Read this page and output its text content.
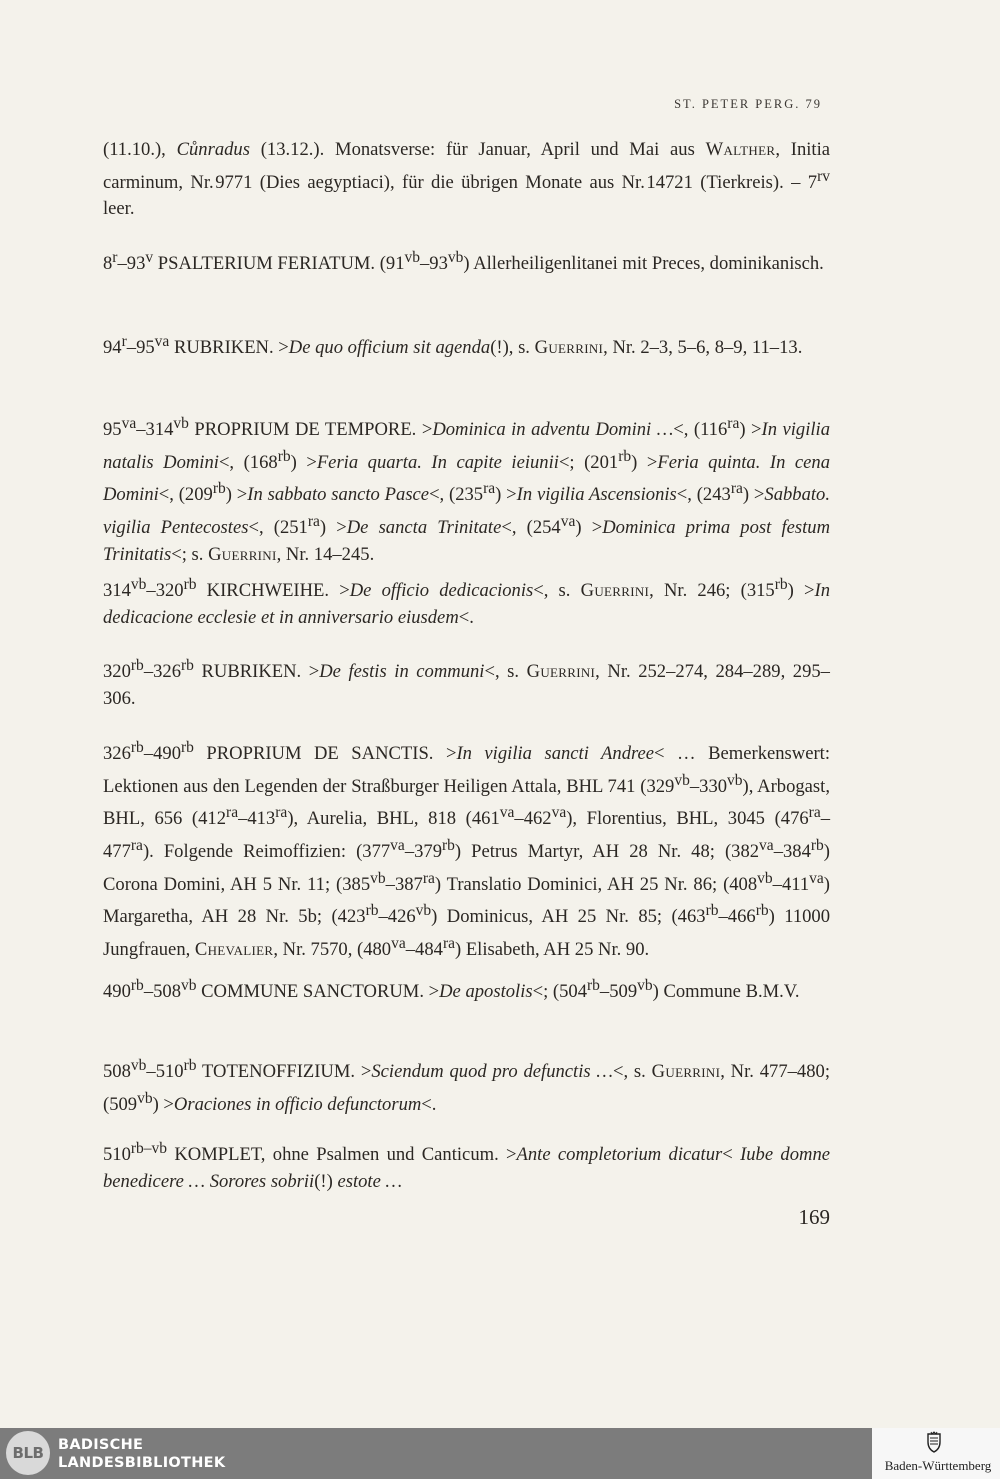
ST. PETER PERG. 79
(11.10.), Cůnradus (13.12.). Monatsverse: für Januar, April und Mai aus Walther, Initia carminum, Nr. 9771 (Dies aegyptiaci), für die übrigen Monate aus Nr. 14721 (Tierkreis). – $7^{rv}$ leer.
8$^r$–93$^v$ PSALTERIUM FERIATUM. $(91^{vb}-93^{vb})$ Allerheiligenlitanei mit Preces, dominikanisch.
$94^r-95^{va}$ RUBRIKEN. >De quo officium sit agenda(!), s. Guerrini, Nr. 2–3, 5–6, 8–9, 11–13.
$95^{va}-314^{vb}$ PROPRIUM DE TEMPORE. >Dominica in adventu Domini …<, $(116^{ra}) >In$ vigilia natalis Domini<, $(168^{rb})$ >Feria quarta. In capite ieiunii<; $(201^{rb})$ >Feria quinta. In cena Domini<, $(209^{rb}) >In$ sabbato sancto Pasce<, $(235^{ra}) >In$ vigilia Ascensionis<, $(243^{ra})$ >Sabbato. vigilia Pentecostes<, $(251^{ra}) >De$ sancta Trinitate<, $(254^{va})$ >Dominica prima post festum Trinitatis<; s. Guerrini, Nr. 14–245.
$314^{vb}-320^{rb}$ KIRCHWEIHE. >De officio dedicacionis<, s. Guerrini, Nr. 246; $(315^{rb}) >In$ dedicacione ecclesie et in anniversario eiusdem<.
$320^{rb}-326^{rb}$ RUBRIKEN. >De festis in communi<, s. Guerrini, Nr. 252–274, 284–289, 295–306.
$326^{rb}-490^{rb}$ PROPRIUM DE SANCTIS. >In vigilia sancti Andree< … Bemerkenswert: Lektionen aus den Legenden der Straßburger Heiligen Attala, BHL 741 $(329^{vb}-330^{vb})$, Arbogast, BHL, 656 $(412^{ra}-413^{ra})$, Aurelia, BHL, 818 $(461^{va}-462^{va})$, Florentius, BHL, 3045 $(476^{ra}-477^{ra})$. Folgende Reimoffizien: $(377^{va}-379^{rb})$ Petrus Martyr, AH 28 Nr. 48; $(382^{va}-384^{rb})$ Corona Domini, AH 5 Nr. 11; $(385^{vb}-387^{ra})$ Translatio Dominici, AH 25 Nr. 86; $(408^{vb}-411^{va})$ Margaretha, AH 28 Nr. 5b; $(423^{rb}-426^{vb})$ Dominicus, AH 25 Nr. 85; $(463^{rb}-466^{rb})$ 11000 Jungfrauen, Chevalier, Nr. 7570, $(480^{va}-484^{ra})$ Elisabeth, AH 25 Nr. 90.
$490^{rb}-508^{vb}$ COMMUNE SANCTORUM. >De apostolis<; $(504^{rb}-509^{vb})$ Commune B.M.V.
$508^{vb}-510^{rb}$ TOTENOFFIZIUM. >Sciendum quod pro defunctis …<, s. Guerrini, Nr. 477–480; $(509^{vb})$ >Oraciones in officio defunctorum<.
$510^{rb-vb}$ KOMPLET, ohne Psalmen und Canticum. >Ante completorium dicatur< Iube domne benedicere … Sorores sobrii(!) estote …
169
BLB BADISCHE
LANDESBIBLIOTHEK	Baden-Württemberg
